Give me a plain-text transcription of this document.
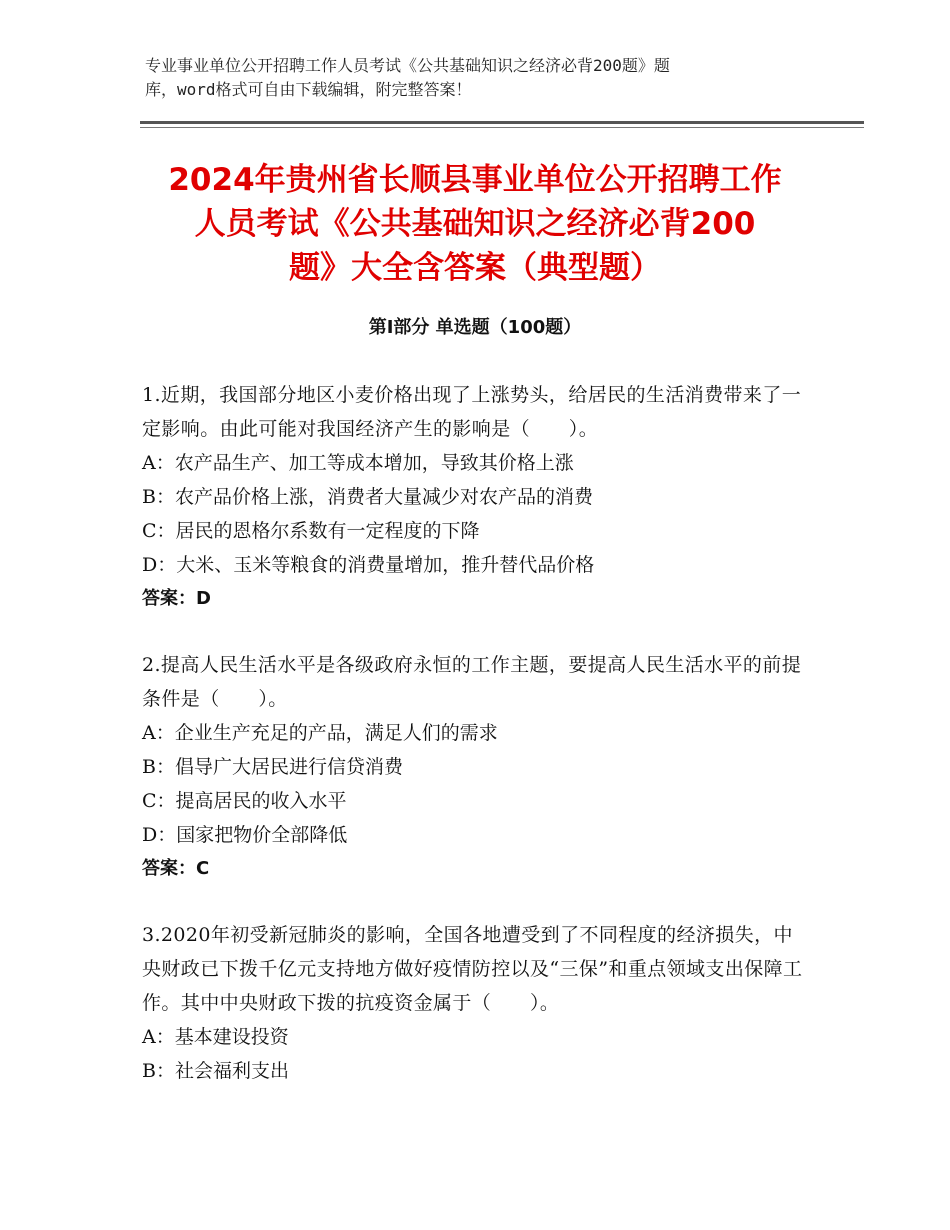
专业事业单位公开招聘工作人员考试《公共基础知识之经济必背200题》题
库，word格式可自由下载编辑，附完整答案！
2024年贵州省长顺县事业单位公开招聘工作
人员考试《公共基础知识之经济必背200
题》大全含答案（典型题）
第Ⅰ部分 单选题（100题）

1.近期，我国部分地区小麦价格出现了上涨势头，给居民的生活消费带来了一定影响。由此可能对我国经济产生的影响是（　　）。

A：农产品生产、加工等成本增加，导致其价格上涨

B：农产品价格上涨，消费者大量减少对农产品的消费

C：居民的恩格尔系数有一定程度的下降

D：大米、玉米等粮食的消费量增加，推升替代品价格

答案：D

2.提高人民生活水平是各级政府永恒的工作主题，要提高人民生活水平的前提条件是（　　）。

A：企业生产充足的产品，满足人们的需求

B：倡导广大居民进行信贷消费

C：提高居民的收入水平

D：国家把物价全部降低

答案：C

3.2020年初受新冠肺炎的影响，全国各地遭受到了不同程度的经济损失，中央财政已下拨千亿元支持地方做好疫情防控以及“三保”和重点领域支出保障工作。其中中央财政下拨的抗疫资金属于（　　）。

A：基本建设投资

B：社会福利支出
